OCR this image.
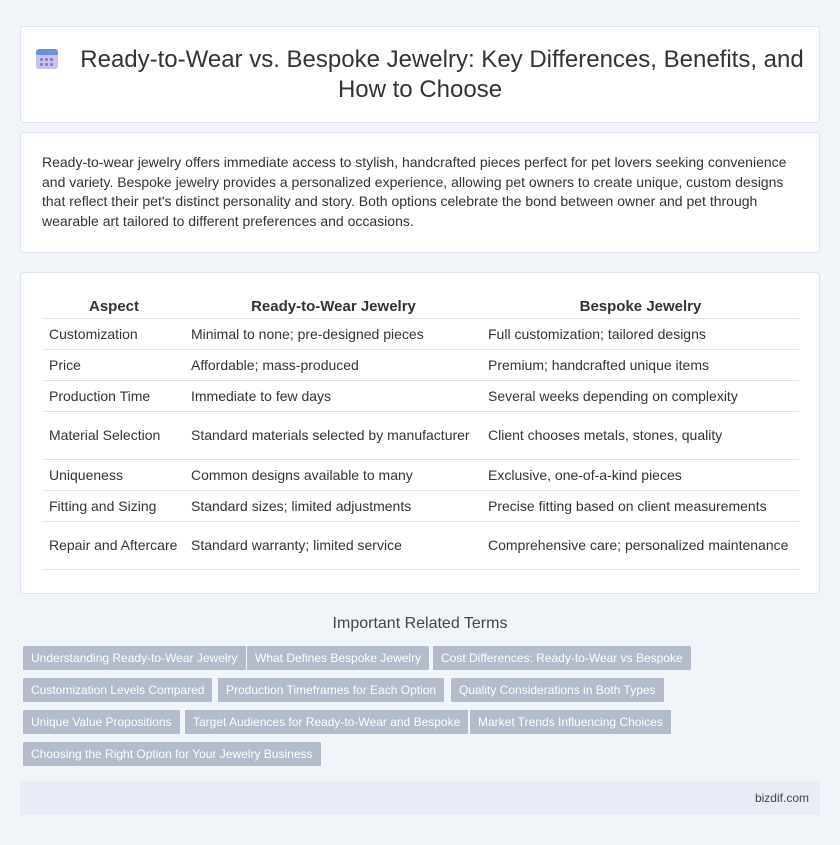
Ready-to-Wear vs. Bespoke Jewelry: Key Differences, Benefits, and How to Choose

Ready-to-wear jewelry offers immediate access to stylish, handcrafted pieces perfect for pet lovers seeking convenience and variety. Bespoke jewelry provides a personalized experience, allowing pet owners to create unique, custom designs that reflect their pet's distinct personality and story. Both options celebrate the bond between owner and pet through wearable art tailored to different preferences and occasions.

Aspect	Ready-to-Wear Jewelry	Bespoke Jewelry
Customization	Minimal to none; pre-designed pieces	Full customization; tailored designs
Price	Affordable; mass-produced	Premium; handcrafted unique items
Production Time	Immediate to few days	Several weeks depending on complexity
Material Selection	Standard materials selected by manufacturer	Client chooses metals, stones, quality
Uniqueness	Common designs available to many	Exclusive, one-of-a-kind pieces
Fitting and Sizing	Standard sizes; limited adjustments	Precise fitting based on client measurements
Repair and Aftercare	Standard warranty; limited service	Comprehensive care; personalized maintenance
Important Related Terms
Understanding Ready-to-Wear Jewelry	What Defines Bespoke Jewelry	Cost Differences: Ready-to-Wear vs Bespoke
Customization Levels Compared	Production Timeframes for Each Option	Quality Considerations in Both Types
Unique Value Propositions	Target Audiences for Ready-to-Wear and Bespoke	Market Trends Influencing Choices
Choosing the Right Option for Your Jewelry Business
bizdif.com
